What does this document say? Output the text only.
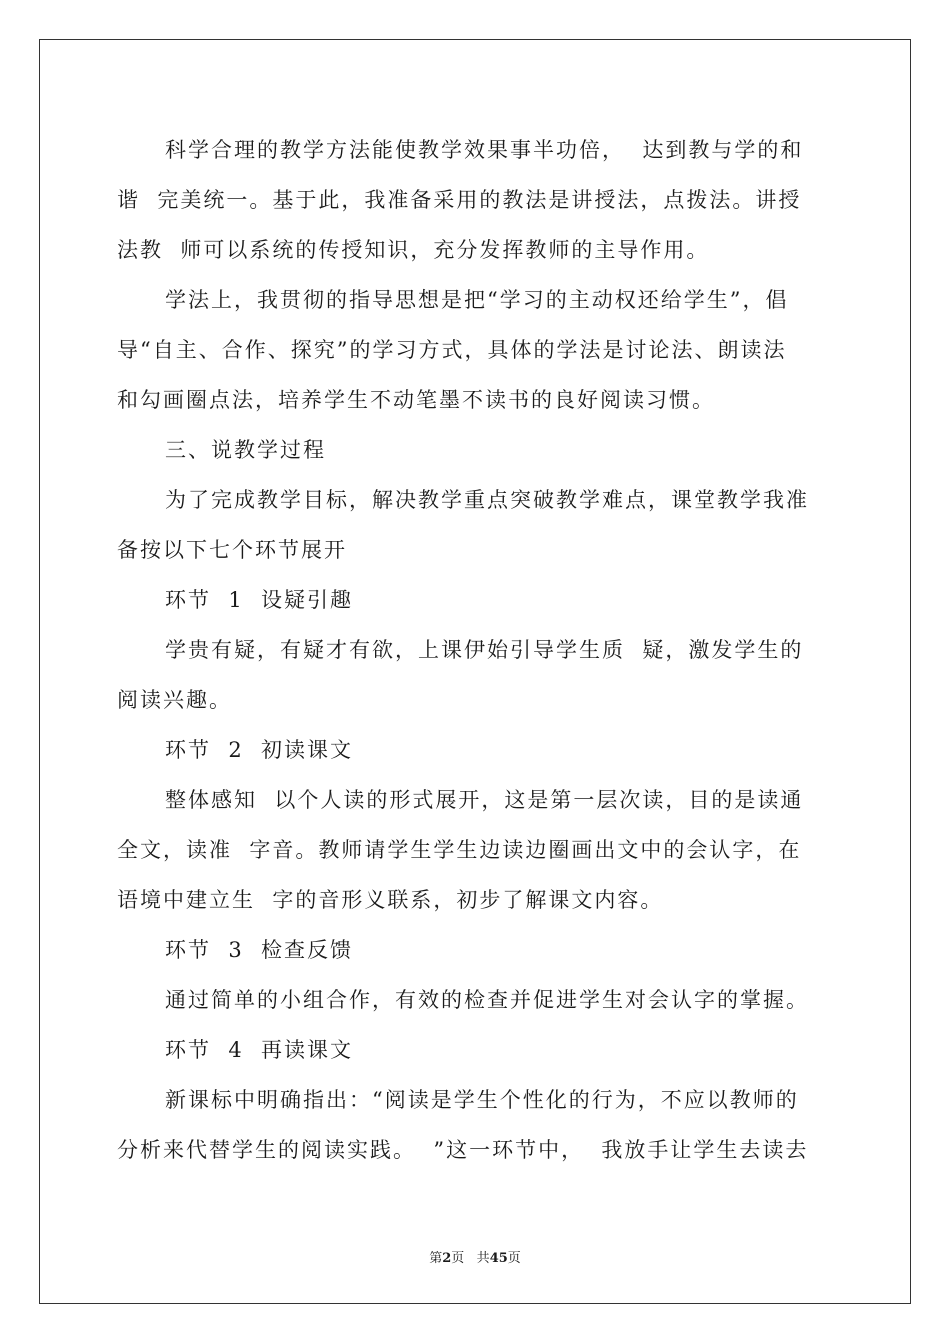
科学合理的教学方法能使教学效果事半功倍，  达到教与学的和
谐  完美统一。基于此，我准备采用的教法是讲授法，点拨法。讲授
法教  师可以系统的传授知识，充分发挥教师的主导作用。
学法上，我贯彻的指导思想是把“学习的主动权还给学生”，倡
导“自主、合作、探究”的学习方式，具体的学法是讨论法、朗读法
和勾画圈点法，培养学生不动笔墨不读书的良好阅读习惯。
三、说教学过程
为了完成教学目标，解决教学重点突破教学难点，课堂教学我准
备按以下七个环节展开
环节  1  设疑引趣
学贵有疑，有疑才有欲，上课伊始引导学生质  疑，激发学生的
阅读兴趣。
环节  2  初读课文
整体感知  以个人读的形式展开，这是第一层次读，目的是读通
全文，读准  字音。教师请学生学生边读边圈画出文中的会认字，在
语境中建立生  字的音形义联系，初步了解课文内容。
环节  3  检查反馈
通过简单的小组合作，有效的检查并促进学生对会认字的掌握。
环节  4  再读课文
新课标中明确指出：“阅读是学生个性化的行为，不应以教师的
分析来代替学生的阅读实践。  ”这一环节中，  我放手让学生去读去
第2页 共45页
